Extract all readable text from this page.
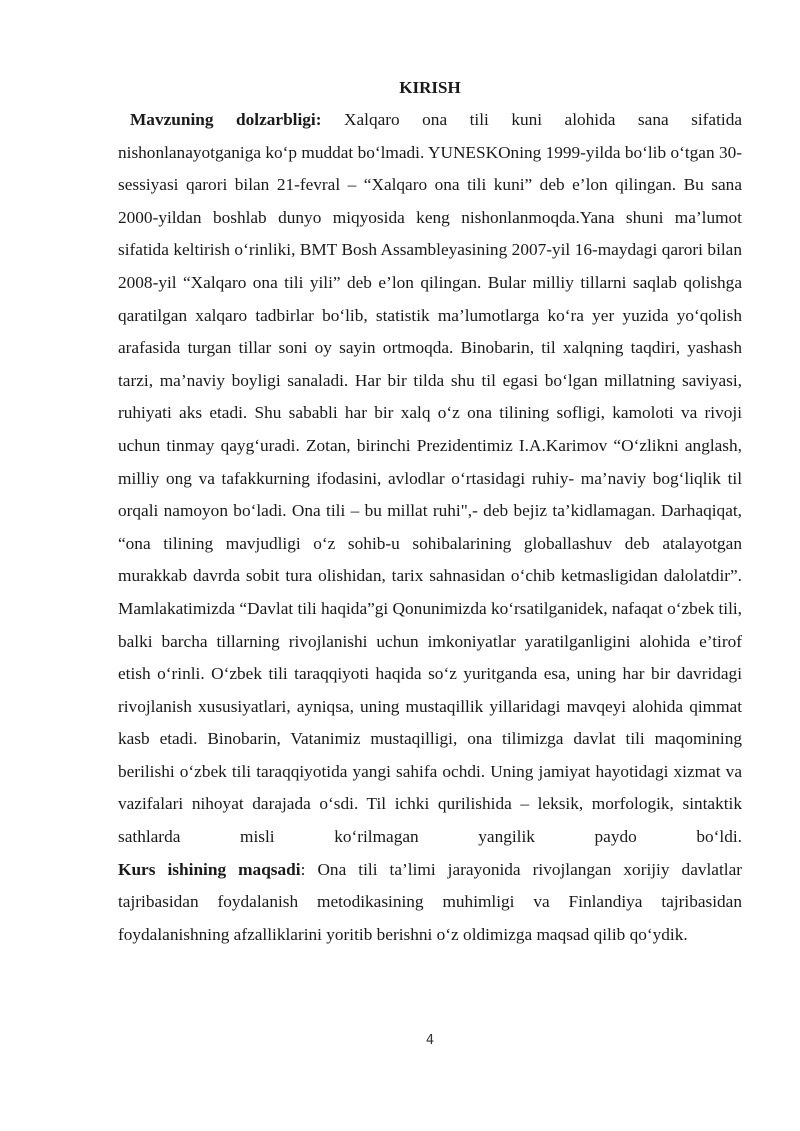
KIRISH

Mavzuning dolzarbligi: Xalqaro ona tili kuni alohida sana sifatida nishonlanayotganiga ko‘p muddat bo‘lmadi. YUNESKOning 1999-yilda bo‘lib o‘tgan 30-sessiyasi qarori bilan 21-fevral – “Xalqaro ona tili kuni” deb e’lon qilingan. Bu sana 2000-yildan boshlab dunyo miqyosida keng nishonlanmoqda.Yana shuni ma’lumot sifatida keltirish o‘rinliki, BMT Bosh Assambleyasining 2007-yil 16-maydagi qarori bilan 2008-yil “Xalqaro ona tili yili” deb e’lon qilingan. Bular milliy tillarni saqlab qolishga qaratilgan xalqaro tadbirlar bo‘lib, statistik ma’lumotlarga ko‘ra yer yuzida yo‘qolish arafasida turgan tillar soni oy sayin ortmoqda. Binobarin, til xalqning taqdiri, yashash tarzi, ma’naviy boyligi sanaladi. Har bir tilda shu til egasi bo‘lgan millatning saviyasi, ruhiyati aks etadi. Shu sababli har bir xalq o‘z ona tilining sofligi, kamoloti va rivoji uchun tinmay qayg‘uradi. Zotan, birinchi Prezidentimiz I.A.Karimov “O‘zlikni anglash, milliy ong va tafakkurning ifodasini, avlodlar o‘rtasidagi ruhiy- ma’naviy bog‘liqlik til orqali namoyon bo‘ladi. Ona tili – bu millat ruhi",- deb bejiz ta’kidlamagan. Darhaqiqat, “ona tilining mavjudligi o‘z sohib-u sohibalarining globallashuv deb atalayotgan murakkab davrda sobit tura olishidan, tarix sahnasidan o‘chib ketmasligidan dalolatdir”. Mamlakatimizda “Davlat tili haqida”gi Qonunimizda ko‘rsatilganidek, nafaqat o‘zbek tili, balki barcha tillarning rivojlanishi uchun imkoniyatlar yaratilganligini alohida e’tirof etish o‘rinli. O‘zbek tili taraqqiyoti haqida so‘z yuritganda esa, uning har bir davridagi rivojlanish xususiyatlari, ayniqsa, uning mustaqillik yillaridagi mavqeyi alohida qimmat kasb etadi. Binobarin, Vatanimiz mustaqilligi, ona tilimizga davlat tili maqomining berilishi o‘zbek tili taraqqiyotida yangi sahifa ochdi. Uning jamiyat hayotidagi xizmat va vazifalari nihoyat darajada o‘sdi. Til ichki qurilishida – leksik, morfologik, sintaktik sathlarda misli ko‘rilmagan yangilik paydo bo‘ldi.

Kurs ishining maqsadi: Ona tili ta’limi jarayonida rivojlangan xorijiy davlatlar tajribasidan foydalanish metodikasining muhimligi va Finlandiya tajribasidan foydalanishning afzalliklarini yoritib berishni o‘z oldimizga maqsad qilib qo‘ydik.

4
